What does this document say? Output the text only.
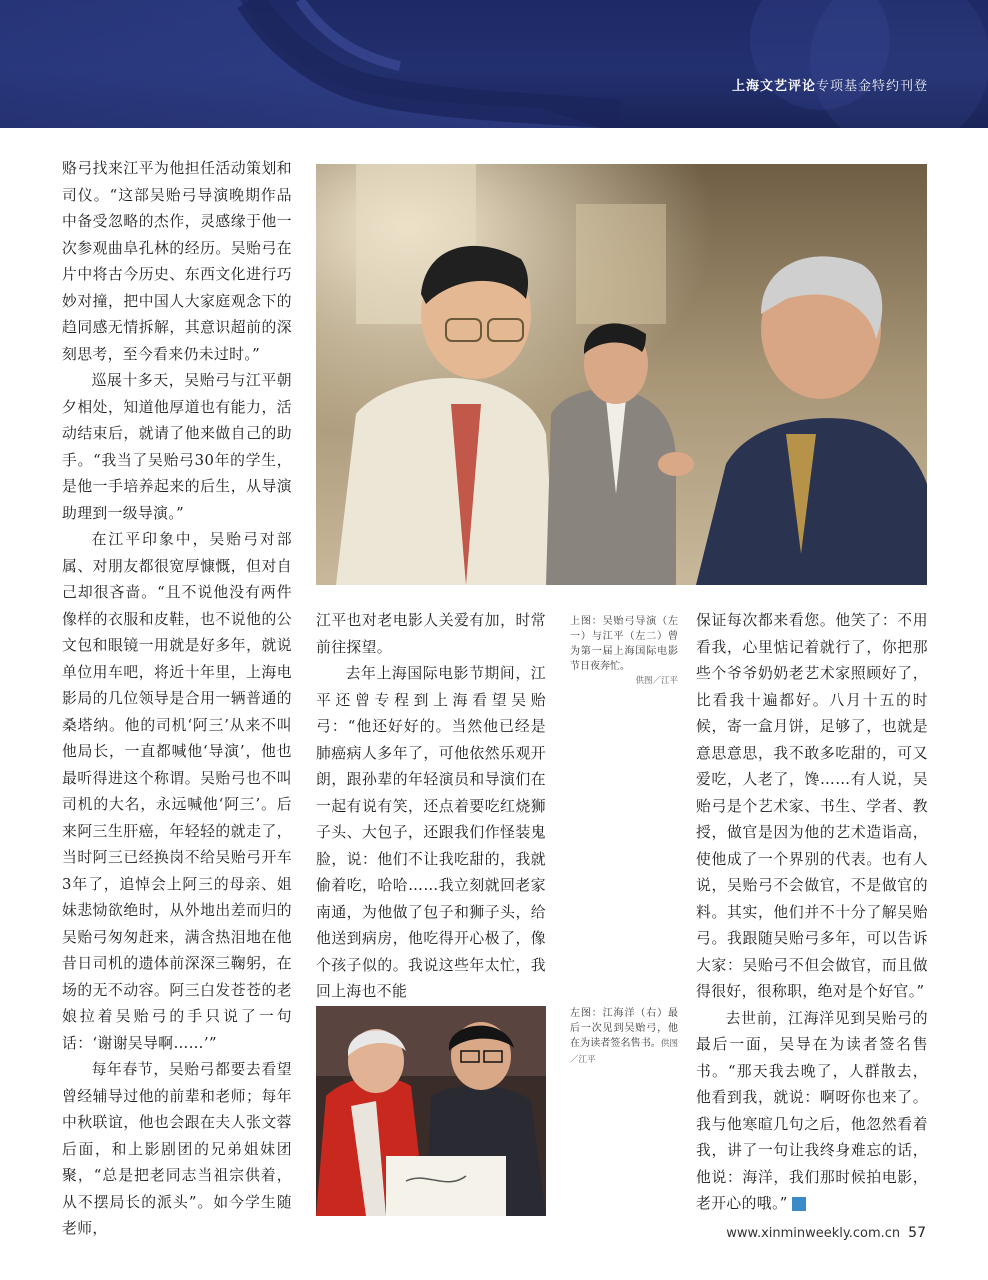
上海文艺评论专项基金特约刊登

赂弓找来江平为他担任活动策划和司仪。“这部吴贻弓导演晚期作品中备受忽略的杰作，灵感缘于他一次参观曲阜孔林的经历。吴贻弓在片中将古今历史、东西文化进行巧妙对撞，把中国人大家庭观念下的趋同感无情拆解，其意识超前的深刻思考，至今看来仍未过时。”

巡展十多天，吴贻弓与江平朝夕相处，知道他厚道也有能力，活动结束后，就请了他来做自己的助手。“我当了吴贻弓30年的学生，是他一手培养起来的后生，从导演助理到一级导演。”

在江平印象中，吴贻弓对部属、对朋友都很宽厚慷慨，但对自己却很吝啬。“且不说他没有两件像样的衣服和皮鞋，也不说他的公文包和眼镜一用就是好多年，就说单位用车吧，将近十年里，上海电影局的几位领导是合用一辆普通的桑塔纳。他的司机‘阿三’从来不叫他局长，一直都喊他‘导演’，他也最听得进这个称谓。吴贻弓也不叫司机的大名，永远喊他‘阿三’。后来阿三生肝癌，年轻轻的就走了，当时阿三已经换岗不给吴贻弓开车3年了，追悼会上阿三的母亲、姐妹悲恸欲绝时，从外地出差而归的吴贻弓匆匆赶来，满含热泪地在他昔日司机的遗体前深深三鞠躬，在场的无不动容。阿三白发苍苍的老娘拉着吴贻弓的手只说了一句话：‘谢谢吴导啊……’”

每年春节，吴贻弓都要去看望曾经辅导过他的前辈和老师；每年中秋联谊，他也会跟在夫人张文蓉后面，和上影剧团的兄弟姐妹团聚，“总是把老同志当祖宗供着，从不摆局长的派头”。如今学生随老师，

上图：吴贻弓导演（左一）与江平（左二）曾为第一届上海国际电影节日夜奔忙。
供图／江平

江平也对老电影人关爱有加，时常前往探望。

去年上海国际电影节期间，江平还曾专程到上海看望吴贻弓：“他还好好的。当然他已经是肺癌病人多年了，可他依然乐观开朗，跟孙辈的年轻演员和导演们在一起有说有笑，还点着要吃红烧狮子头、大包子，还跟我们作怪装鬼脸，说：他们不让我吃甜的，我就偷着吃，哈哈……我立刻就回老家南通，为他做了包子和狮子头，给他送到病房，他吃得开心极了，像个孩子似的。我说这些年太忙，我回上海也不能

左图：江海洋（右）最后一次见到吴贻弓，他在为读者签名售书。供图／江平

保证每次都来看您。他笑了：不用看我，心里惦记着就行了，你把那些个爷爷奶奶老艺术家照顾好了，比看我十遍都好。八月十五的时候，寄一盒月饼，足够了，也就是意思意思，我不敢多吃甜的，可又爱吃，人老了，馋……有人说，吴贻弓是个艺术家、书生、学者、教授，做官是因为他的艺术造诣高，使他成了一个界别的代表。也有人说，吴贻弓不会做官，不是做官的料。其实，他们并不十分了解吴贻弓。我跟随吴贻弓多年，可以告诉大家：吴贻弓不但会做官，而且做得很好，很称职，绝对是个好官。”

去世前，江海洋见到吴贻弓的最后一面，吴导在为读者签名售书。“那天我去晚了，人群散去，他看到我，就说：啊呀你也来了。我与他寒暄几句之后，他忽然看着我，讲了一句让我终身难忘的话，他说：海洋，我们那时候拍电影，老开心的哦。”	新

www.xinminweekly.com.cn 57
